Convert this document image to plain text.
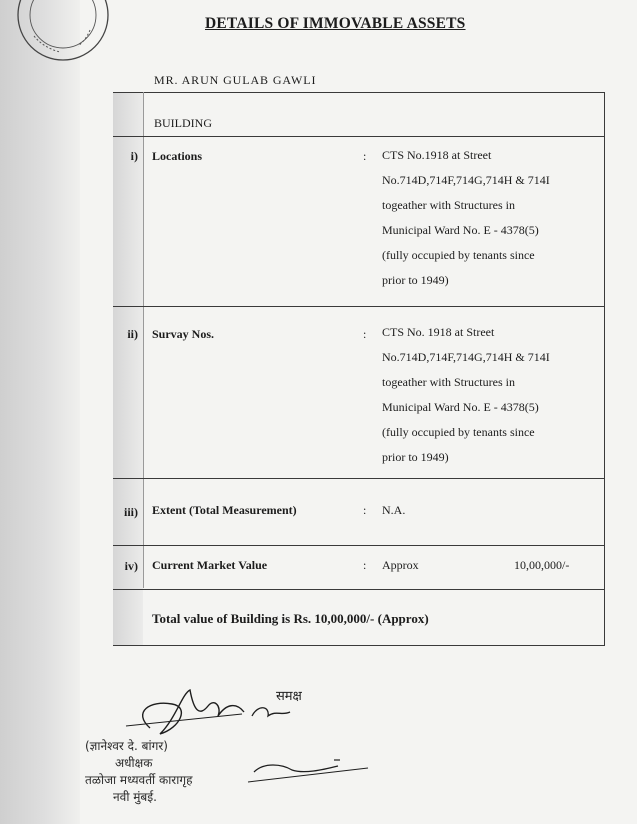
DETAILS OF IMMOVABLE ASSETS

MR. ARUN GULAB GAWLI

BUILDING

i) Locations	: CTS No.1918 at Street
No.714D,714F,714G,714H & 714I
togeather with Structures in
Municipal Ward No. E - 4378(5)
(fully occupied by tenants since
prior to 1949)

ii) Survay Nos.	: CTS No. 1918 at Street
No.714D,714F,714G,714H & 714I
togeather with Structures in
Municipal Ward No. E - 4378(5)
(fully occupied by tenants since
prior to 1949)

iii) Extent (Total Measurement)	: N.A.

iv) Current Market Value	: Approx	10,00,000/-

Total value of Building is Rs. 10,00,000/- (Approx)

समक्ष
(ज्ञानेश्वर दे. बांगर)
अधीक्षक
तळोजा मध्यवर्ती कारागृह
नवी मुंबई.
